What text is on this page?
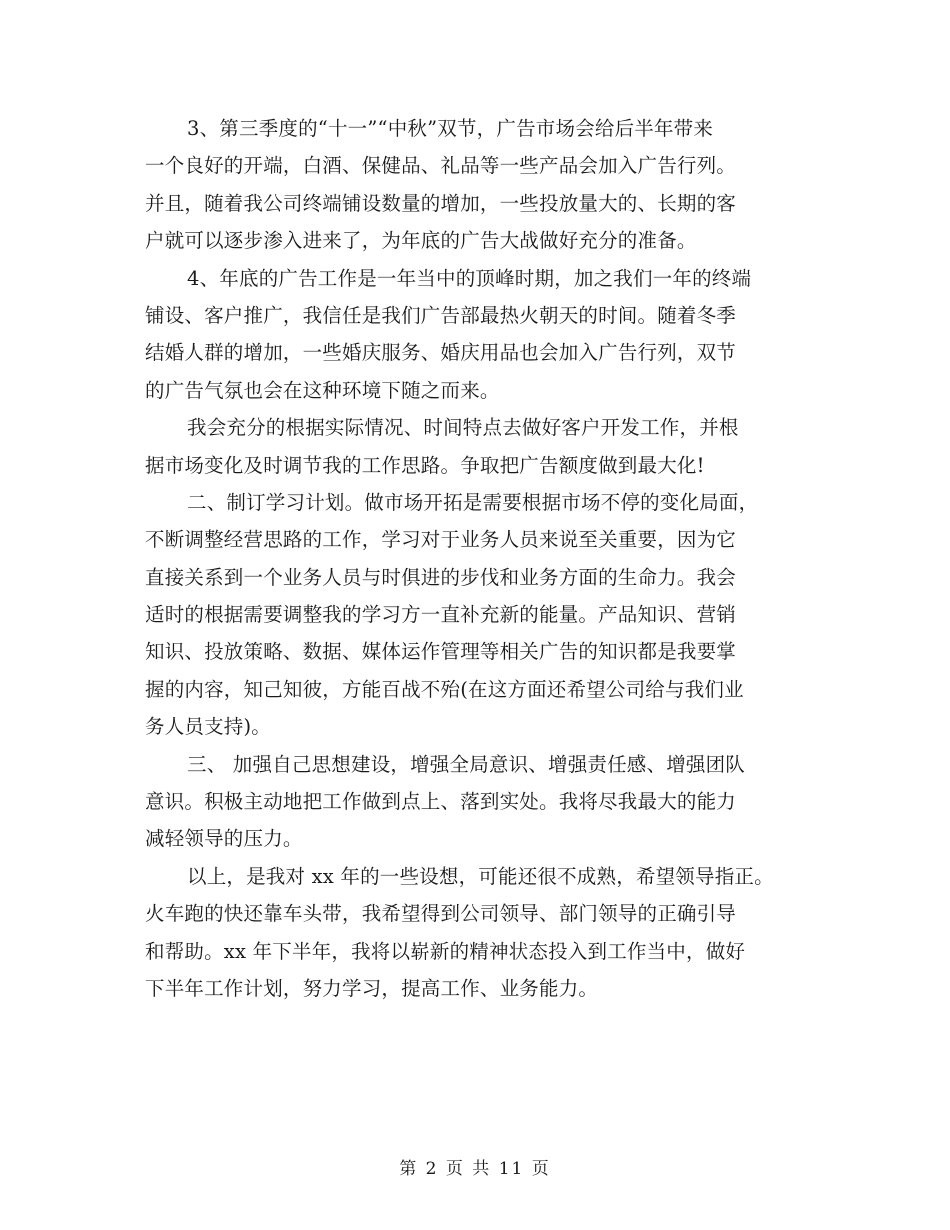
3、第三季度的“十一”“中秋”双节，广告市场会给后半年带来
一个良好的开端，白酒、保健品、礼品等一些产品会加入广告行列。
并且，随着我公司终端铺设数量的增加，一些投放量大的、长期的客
户就可以逐步渗入进来了，为年底的广告大战做好充分的准备。
4、年底的广告工作是一年当中的顶峰时期，加之我们一年的终端
铺设、客户推广，我信任是我们广告部最热火朝天的时间。随着冬季
结婚人群的增加，一些婚庆服务、婚庆用品也会加入广告行列，双节
的广告气氛也会在这种环境下随之而来。
我会充分的根据实际情况、时间特点去做好客户开发工作，并根
据市场变化及时调节我的工作思路。争取把广告额度做到最大化!
二、制订学习计划。做市场开拓是需要根据市场不停的变化局面，
不断调整经营思路的工作，学习对于业务人员来说至关重要，因为它
直接关系到一个业务人员与时俱进的步伐和业务方面的生命力。我会
适时的根据需要调整我的学习方一直补充新的能量。产品知识、营销
知识、投放策略、数据、媒体运作管理等相关广告的知识都是我要掌
握的内容，知己知彼，方能百战不殆(在这方面还希望公司给与我们业
务人员支持)。
三、 加强自己思想建设，增强全局意识、增强责任感、增强团队
意识。积极主动地把工作做到点上、落到实处。我将尽我最大的能力
减轻领导的压力。
以上，是我对 xx 年的一些设想，可能还很不成熟，希望领导指正。
火车跑的快还靠车头带，我希望得到公司领导、部门领导的正确引导
和帮助。xx 年下半年，我将以崭新的精神状态投入到工作当中，做好
下半年工作计划，努力学习，提高工作、业务能力。
第 2 页 共 11 页
